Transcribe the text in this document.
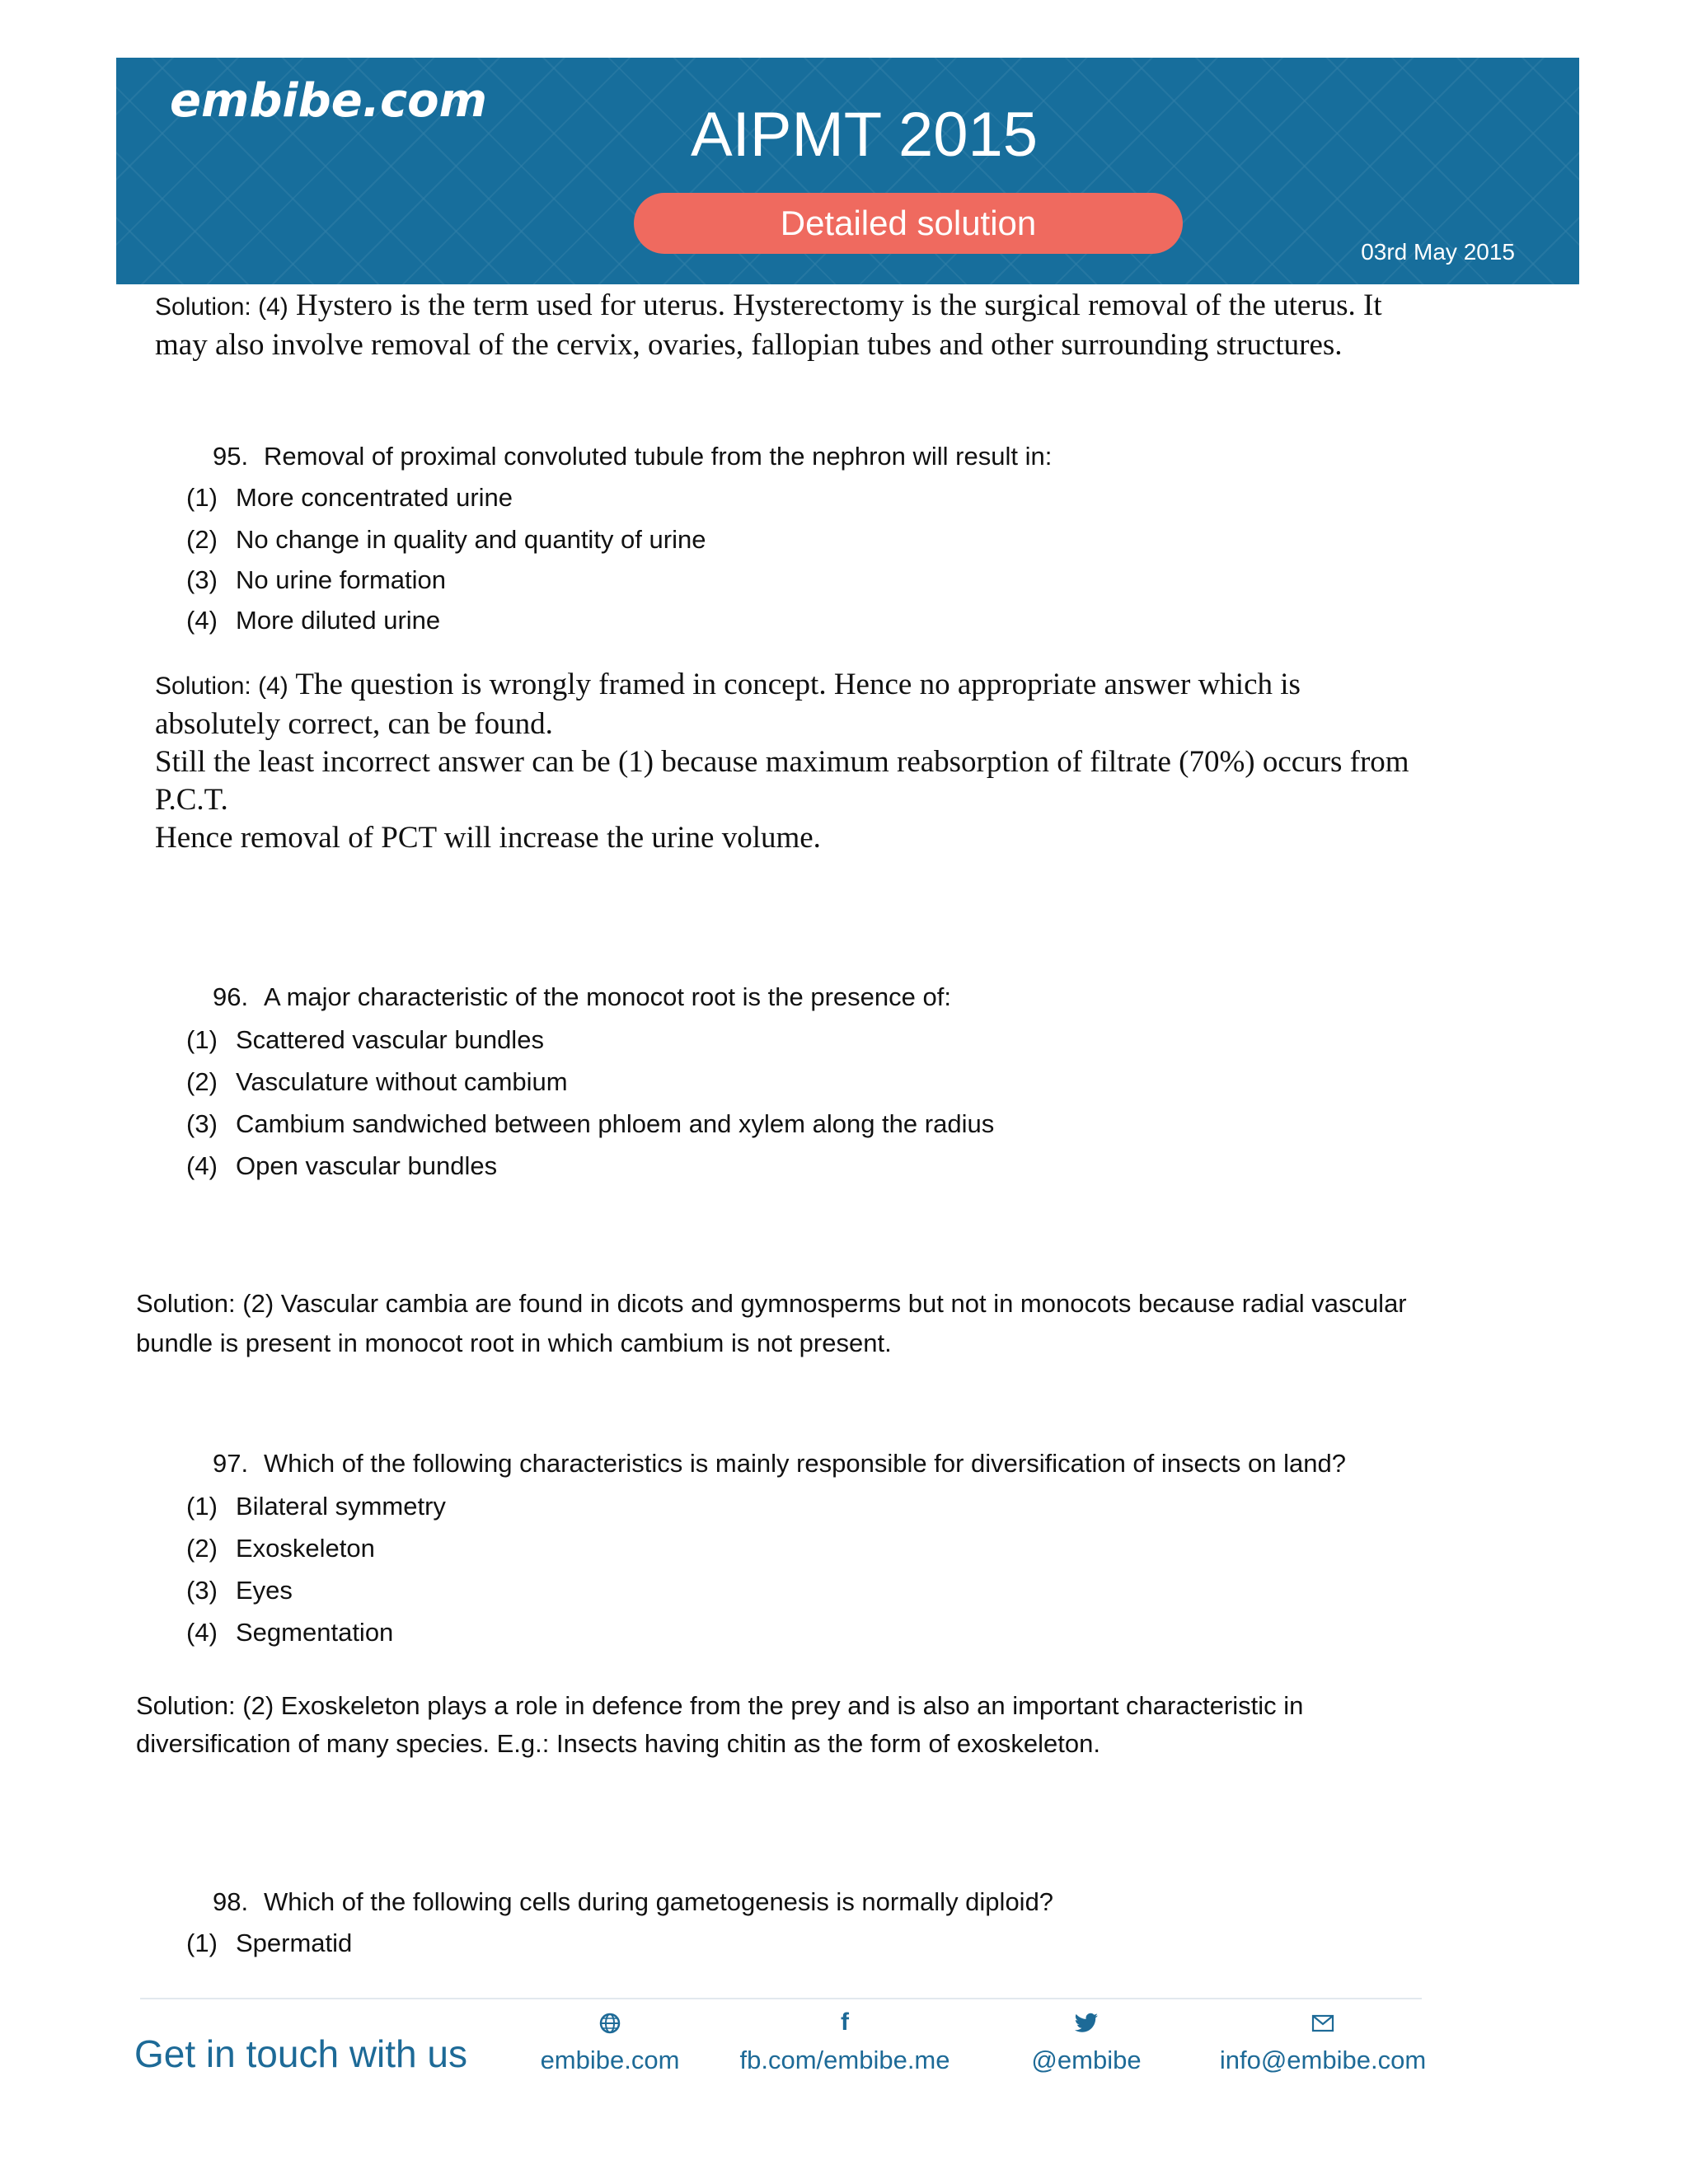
embibe.com	AIPMT 2015
Detailed solution
03rd May 2015

Solution: (4) Hystero is the term used for uterus. Hysterectomy is the surgical removal of the uterus. It

may also involve removal of the cervix, ovaries, fallopian tubes and other surrounding structures.

95. Removal of proximal convoluted tubule from the nephron will result in:
(1) More concentrated urine
(2) No change in quality and quantity of urine
(3) No urine formation
(4) More diluted urine

Solution: (4) The question is wrongly framed in concept. Hence no appropriate answer which is

absolutely correct, can be found.

Still the least incorrect answer can be (1) because maximum reabsorption of filtrate (70%) occurs from

P.C.T.

Hence removal of PCT will increase the urine volume.

96. A major characteristic of the monocot root is the presence of:
(1) Scattered vascular bundles
(2) Vasculature without cambium
(3) Cambium sandwiched between phloem and xylem along the radius
(4) Open vascular bundles
Solution: (2) Vascular cambia are found in dicots and gymnosperms but not in monocots because radial vascular
bundle is present in monocot root in which cambium is not present.
97. Which of the following characteristics is mainly responsible for diversification of insects on land?
(1) Bilateral symmetry
(2) Exoskeleton
(3) Eyes
(4) Segmentation
Solution: (2) Exoskeleton plays a role in defence from the prey and is also an important characteristic in
diversification of many species. E.g.: Insects having chitin as the form of exoskeleton.
98. Which of the following cells during gametogenesis is normally diploid?
(1) Spermatid
Get in touch with us	embibe.com
f
fb.com/embibe.me	@embibe	info@embibe.com
